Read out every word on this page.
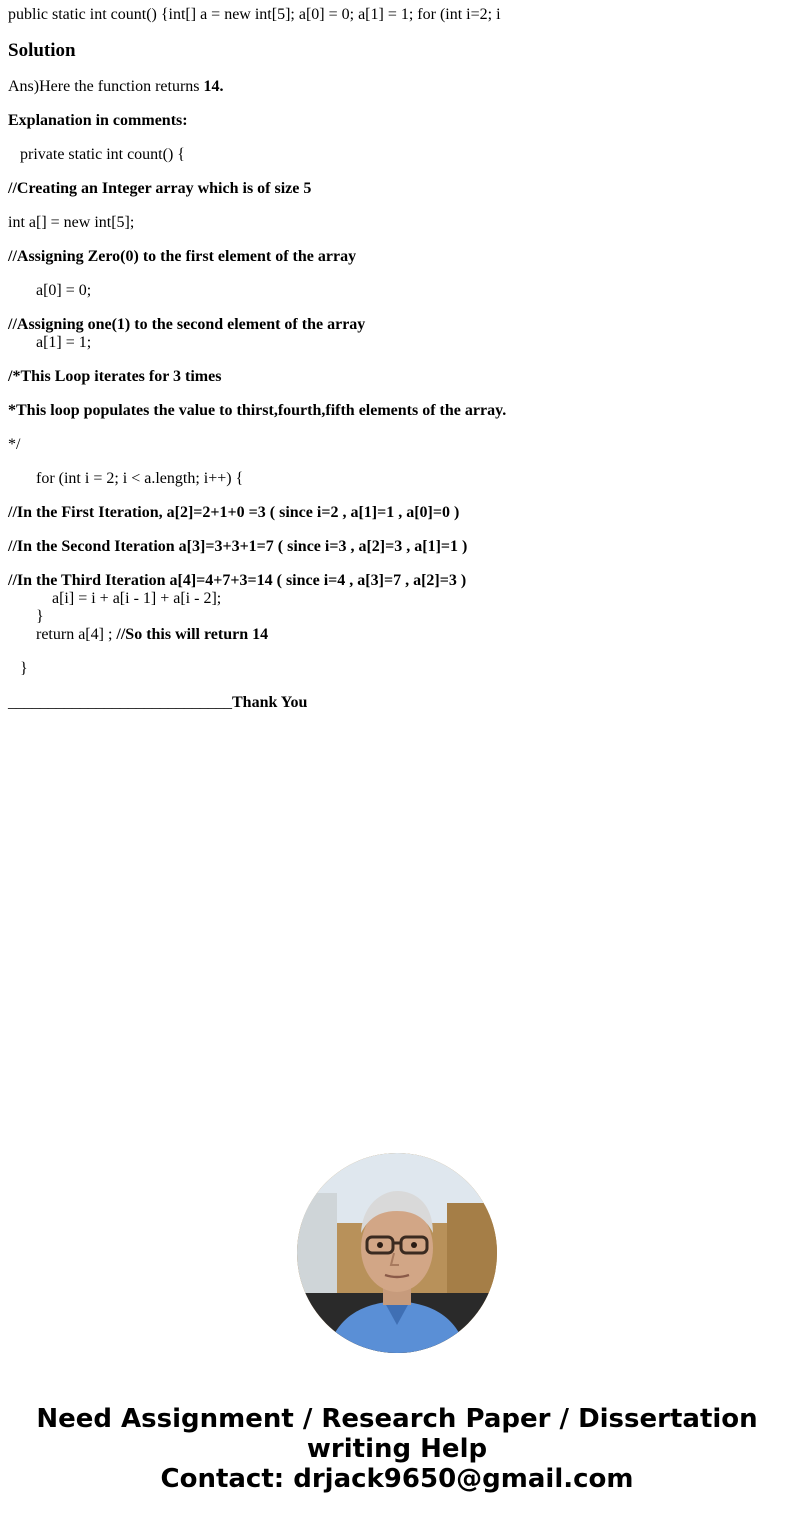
public static int count() {int[] a = new int[5]; a[0] = 0; a[1] = 1; for (int i=2; i

Solution

Ans)Here the function returns 14.

Explanation in comments:

private static int count() {

//Creating an Integer array which is of size 5

int a[] = new int[5];

//Assigning Zero(0) to the first element of the array

a[0] = 0;

//Assigning one(1) to the second element of the array

a[1] = 1;

/*This Loop iterates for 3 times

*This loop populates the value to thirst,fourth,fifth elements of the array.

*/

for (int i = 2; i < a.length; i++) {

//In the First Iteration, a[2]=2+1+0 =3 ( since i=2 , a[1]=1 , a[0]=0 )

//In the Second Iteration a[3]=3+3+1=7 ( since i=3 , a[2]=3 , a[1]=1 )

//In the Third Iteration a[4]=4+7+3=14 ( since i=4 , a[3]=7 , a[2]=3 )

a[i] = i + a[i - 1] + a[i - 2];

}

return a[4] ; //So this will return 14

}

____________________________Thank You

Need Assignment / Research Paper / Dissertation
writing Help
Contact: drjack9650@gmail.com
